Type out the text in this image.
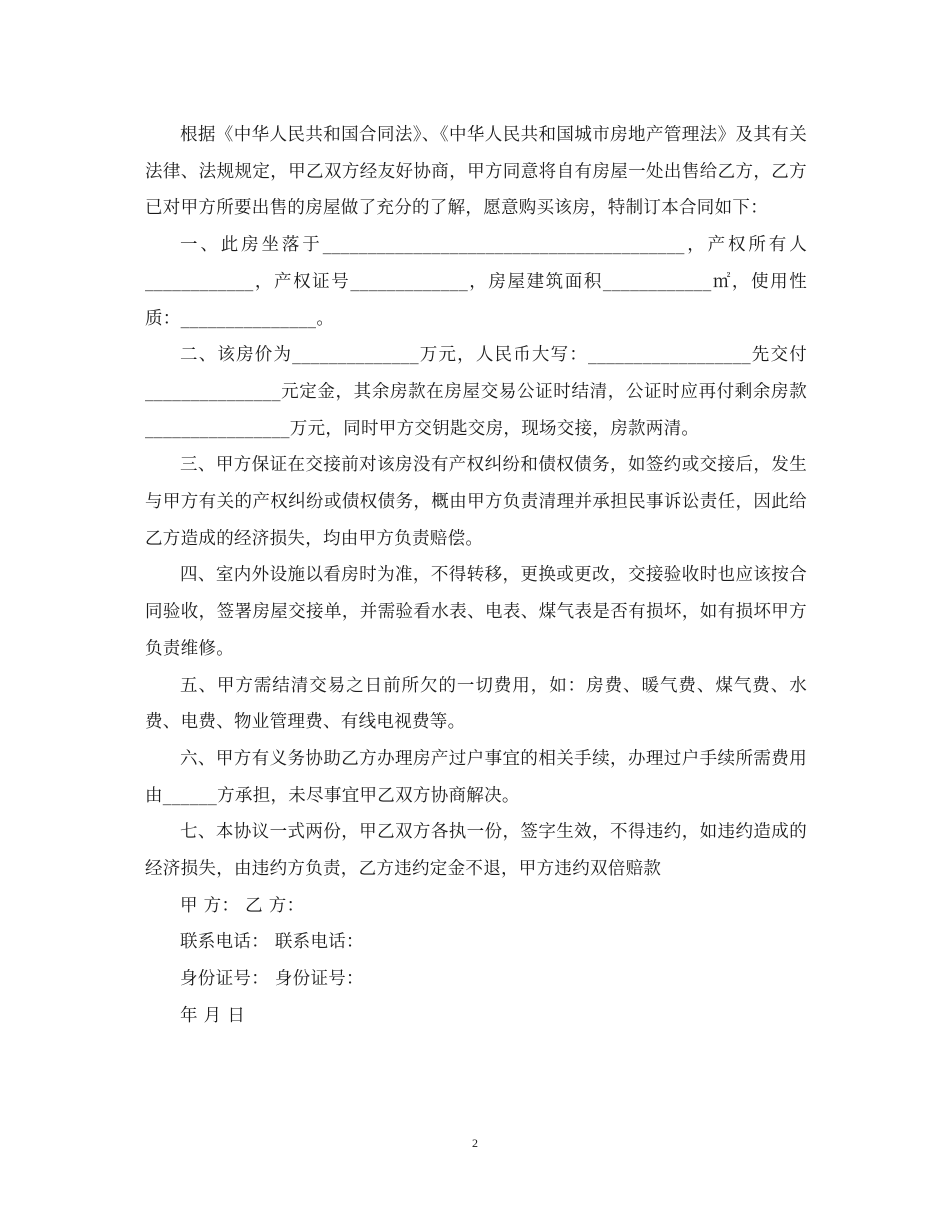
根据《中华人民共和国合同法》、《中华人民共和国城市房地产管理法》及其有关法律、法规规定，甲乙双方经友好协商，甲方同意将自有房屋一处出售给乙方，乙方已对甲方所要出售的房屋做了充分的了解，愿意购买该房，特制订本合同如下：

一、此房坐落于________________________________________，产权所有人____________，产权证号_____________，房屋建筑面积____________㎡，使用性质：_______________。

二、该房价为______________万元，人民币大写：__________________先交付_______________元定金，其余房款在房屋交易公证时结清，公证时应再付剩余房款________________万元，同时甲方交钥匙交房，现场交接，房款两清。

三、甲方保证在交接前对该房没有产权纠纷和债权债务，如签约或交接后，发生与甲方有关的产权纠纷或债权债务，概由甲方负责清理并承担民事诉讼责任，因此给乙方造成的经济损失，均由甲方负责赔偿。

四、室内外设施以看房时为准，不得转移，更换或更改，交接验收时也应该按合同验收，签署房屋交接单，并需验看水表、电表、煤气表是否有损坏，如有损坏甲方负责维修。

五、甲方需结清交易之日前所欠的一切费用，如：房费、暖气费、煤气费、水费、电费、物业管理费、有线电视费等。

六、甲方有义务协助乙方办理房产过户事宜的相关手续，办理过户手续所需费用由______方承担，未尽事宜甲乙双方协商解决。

七、本协议一式两份，甲乙双方各执一份，签字生效，不得违约，如违约造成的经济损失，由违约方负责，乙方违约定金不退，甲方违约双倍赔款

甲 方： 乙 方：

联系电话： 联系电话：

身份证号： 身份证号：

年 月 日

2
